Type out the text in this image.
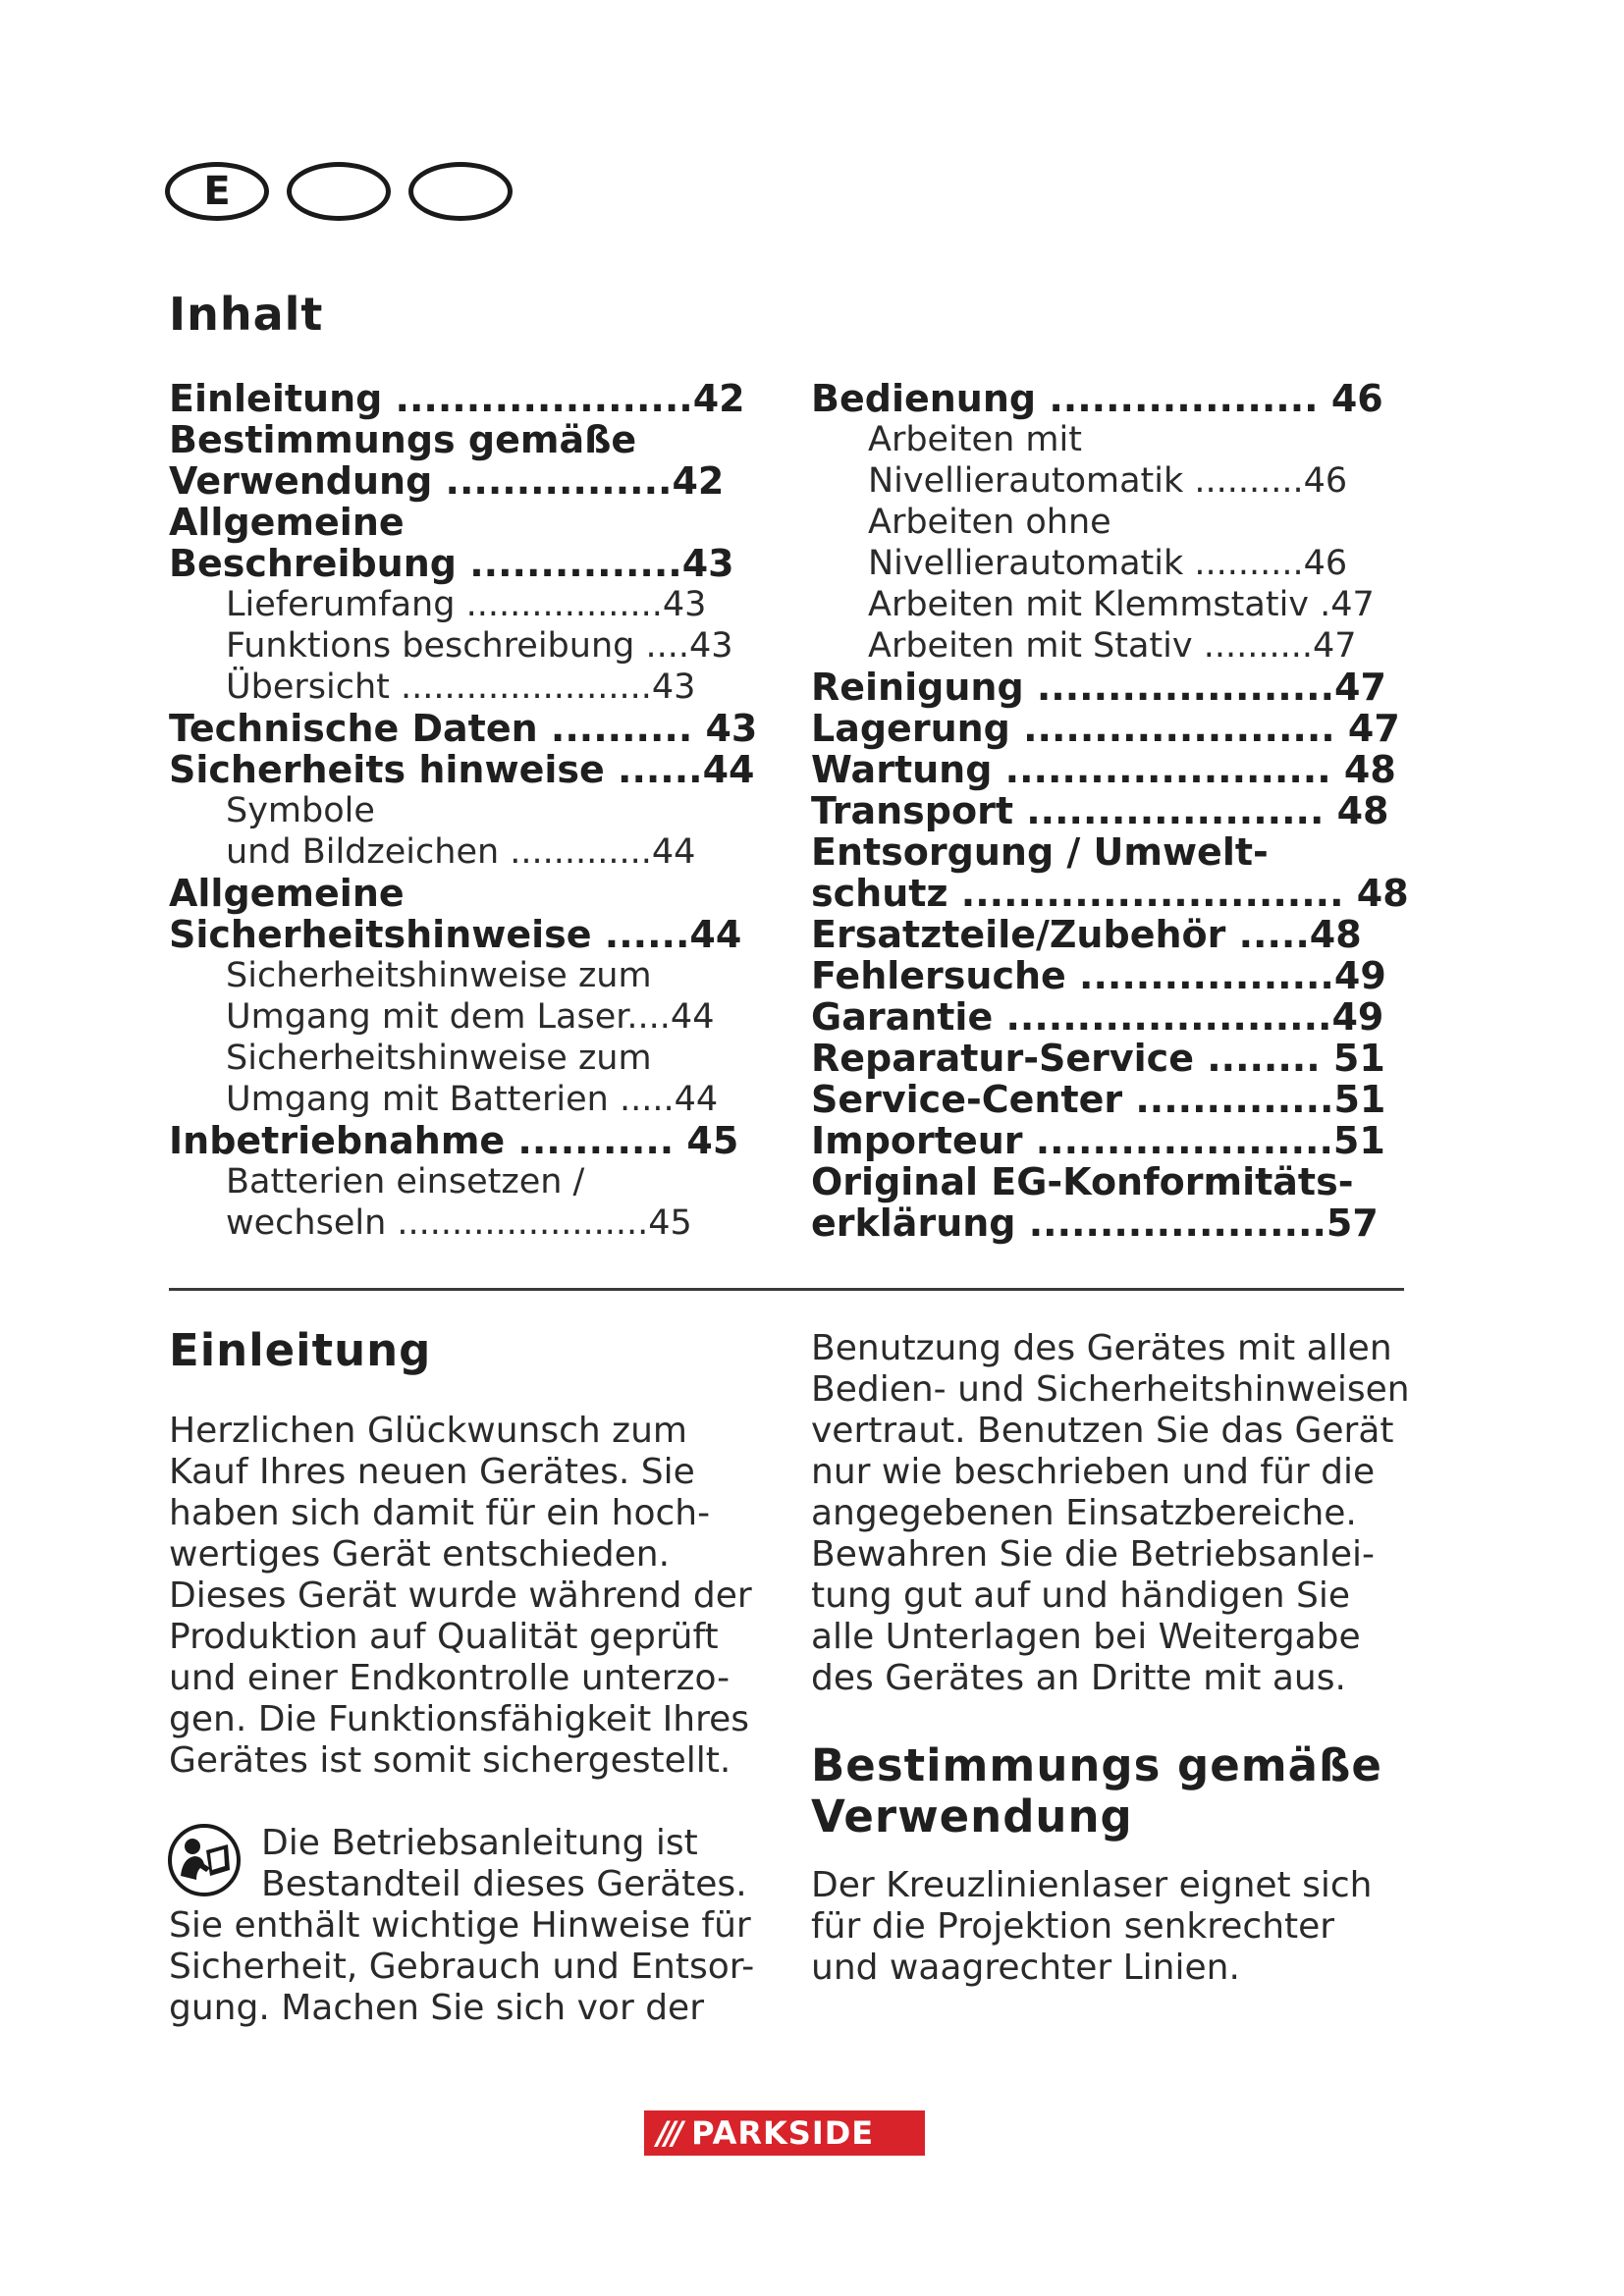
E
Inhalt
Einleitung .....................42
Bestimmungs gemäße
Verwendung ................42
Allgemeine
Beschreibung ...............43
Lieferumfang ..................43
Funktions beschreibung ....43
Übersicht .......................43
Technische Daten .......... 43
Sicherheits hinweise ......44
Symbole
und Bildzeichen .............44
Allgemeine
Sicherheitshinweise ......44
Sicherheitshinweise zum
Umgang mit dem Laser....44
Sicherheitshinweise zum
Umgang mit Batterien .....44
Inbetriebnahme ........... 45
Batterien einsetzen /
wechseln .......................45
Bedienung ................... 46
Arbeiten mit
Nivellierautomatik ..........46
Arbeiten ohne
Nivellierautomatik ..........46
Arbeiten mit Klemmstativ .47
Arbeiten mit Stativ ..........47
Reinigung .....................47
Lagerung ...................... 47
Wartung ....................... 48
Transport ..................... 48
Entsorgung / Umwelt-
schutz ........................... 48
Ersatzteile/Zubehör .....48
Fehlersuche ..................49
Garantie .......................49
Reparatur-Service ........ 51
Service-Center ..............51
Importeur .....................51
Original EG-Konformitäts-
erklärung .....................57
Einleitung
Herzlichen Glückwunsch zum
Kauf Ihres neuen Gerätes. Sie
haben sich damit für ein hoch-
wertiges Gerät entschieden.
Dieses Gerät wurde während der
Produktion auf Qualität geprüft
und einer Endkontrolle unterzo-
gen. Die Funktionsfähigkeit Ihres
Gerätes ist somit sichergestellt.
Die Betriebsanleitung ist
Bestandteil dieses Gerätes.
Sie enthält wichtige Hinweise für
Sicherheit, Gebrauch und Entsor-
gung. Machen Sie sich vor der
Benutzung des Gerätes mit allen
Bedien- und Sicherheitshinweisen
vertraut. Benutzen Sie das Gerät
nur wie beschrieben und für die
angegebenen Einsatzbereiche.
Bewahren Sie die Betriebsanlei-
tung gut auf und händigen Sie
alle Unterlagen bei Weitergabe
des Gerätes an Dritte mit aus.
Bestimmungs gemäße
Verwendung
Der Kreuzlinienlaser eignet sich
für die Projektion senkrechter
und waagrechter Linien.
/// PARKSIDE
